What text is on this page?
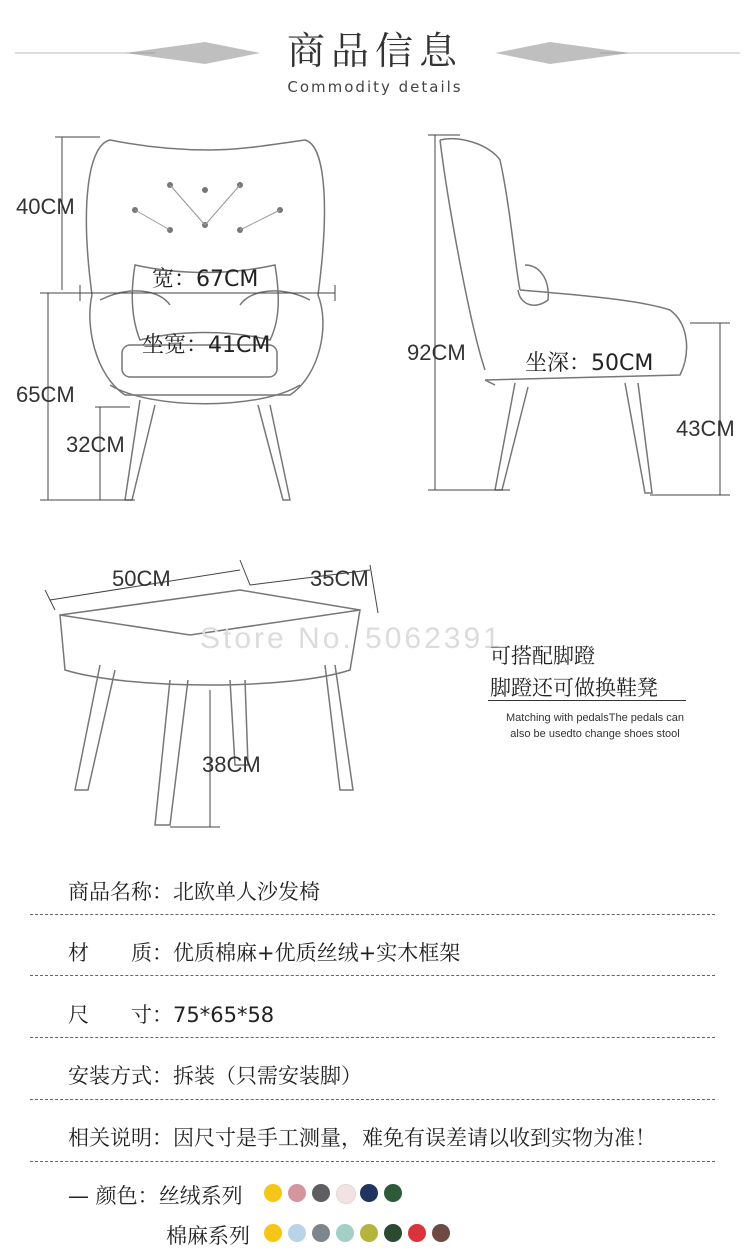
商品信息
Commodity details
40CM
宽：67CM
坐宽：41CM
65CM
32CM
92CM	坐深：50CM
43CM
50CM	35CM
38CM
Store No. 5062391
可搭配脚蹬
脚蹬还可做换鞋凳
Matching with pedalsThe pedals can
also be usedto change shoes stool
商品名称：北欧单人沙发椅
材　　质：优质棉麻+优质丝绒+实木框架
尺　　寸：75*65*58
安装方式：拆装（只需安装脚）
相关说明：因尺寸是手工测量，难免有误差请以收到实物为准！
— 颜色：丝绒系列
棉麻系列
